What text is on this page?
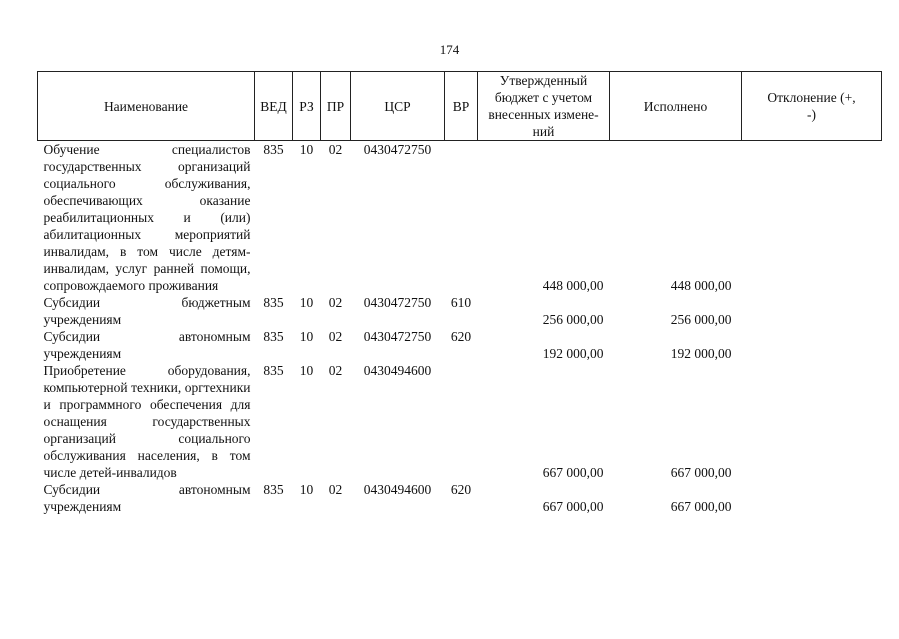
174
Наименование	ВЕД	РЗ	ПР	ЦСР	ВР	Утвержденный бюджет с учетом внесенных измене-ний	Исполнено	Отклонение (+, -)
Обучение специалистов государственных организаций социального обслуживания, обеспечивающих оказание реабилитационных и (или) абилитационных мероприятий инвалидам, в том числе детям-инвалидам, услуг ранней помощи, сопровождаемого проживания	835	10	02	0430472750		448 000,00	448 000,00	
Субсидии бюджетным учреждениям	835	10	02	0430472750	610	256 000,00	256 000,00	
Субсидии автономным учреждениям	835	10	02	0430472750	620	192 000,00	192 000,00	
Приобретение оборудования, компьютерной техники, оргтехники и программного обеспечения для оснащения государственных организаций социального обслуживания населения, в том числе детей-инвалидов	835	10	02	0430494600		667 000,00	667 000,00	
Субсидии автономным учреждениям	835	10	02	0430494600	620	667 000,00	667 000,00	
